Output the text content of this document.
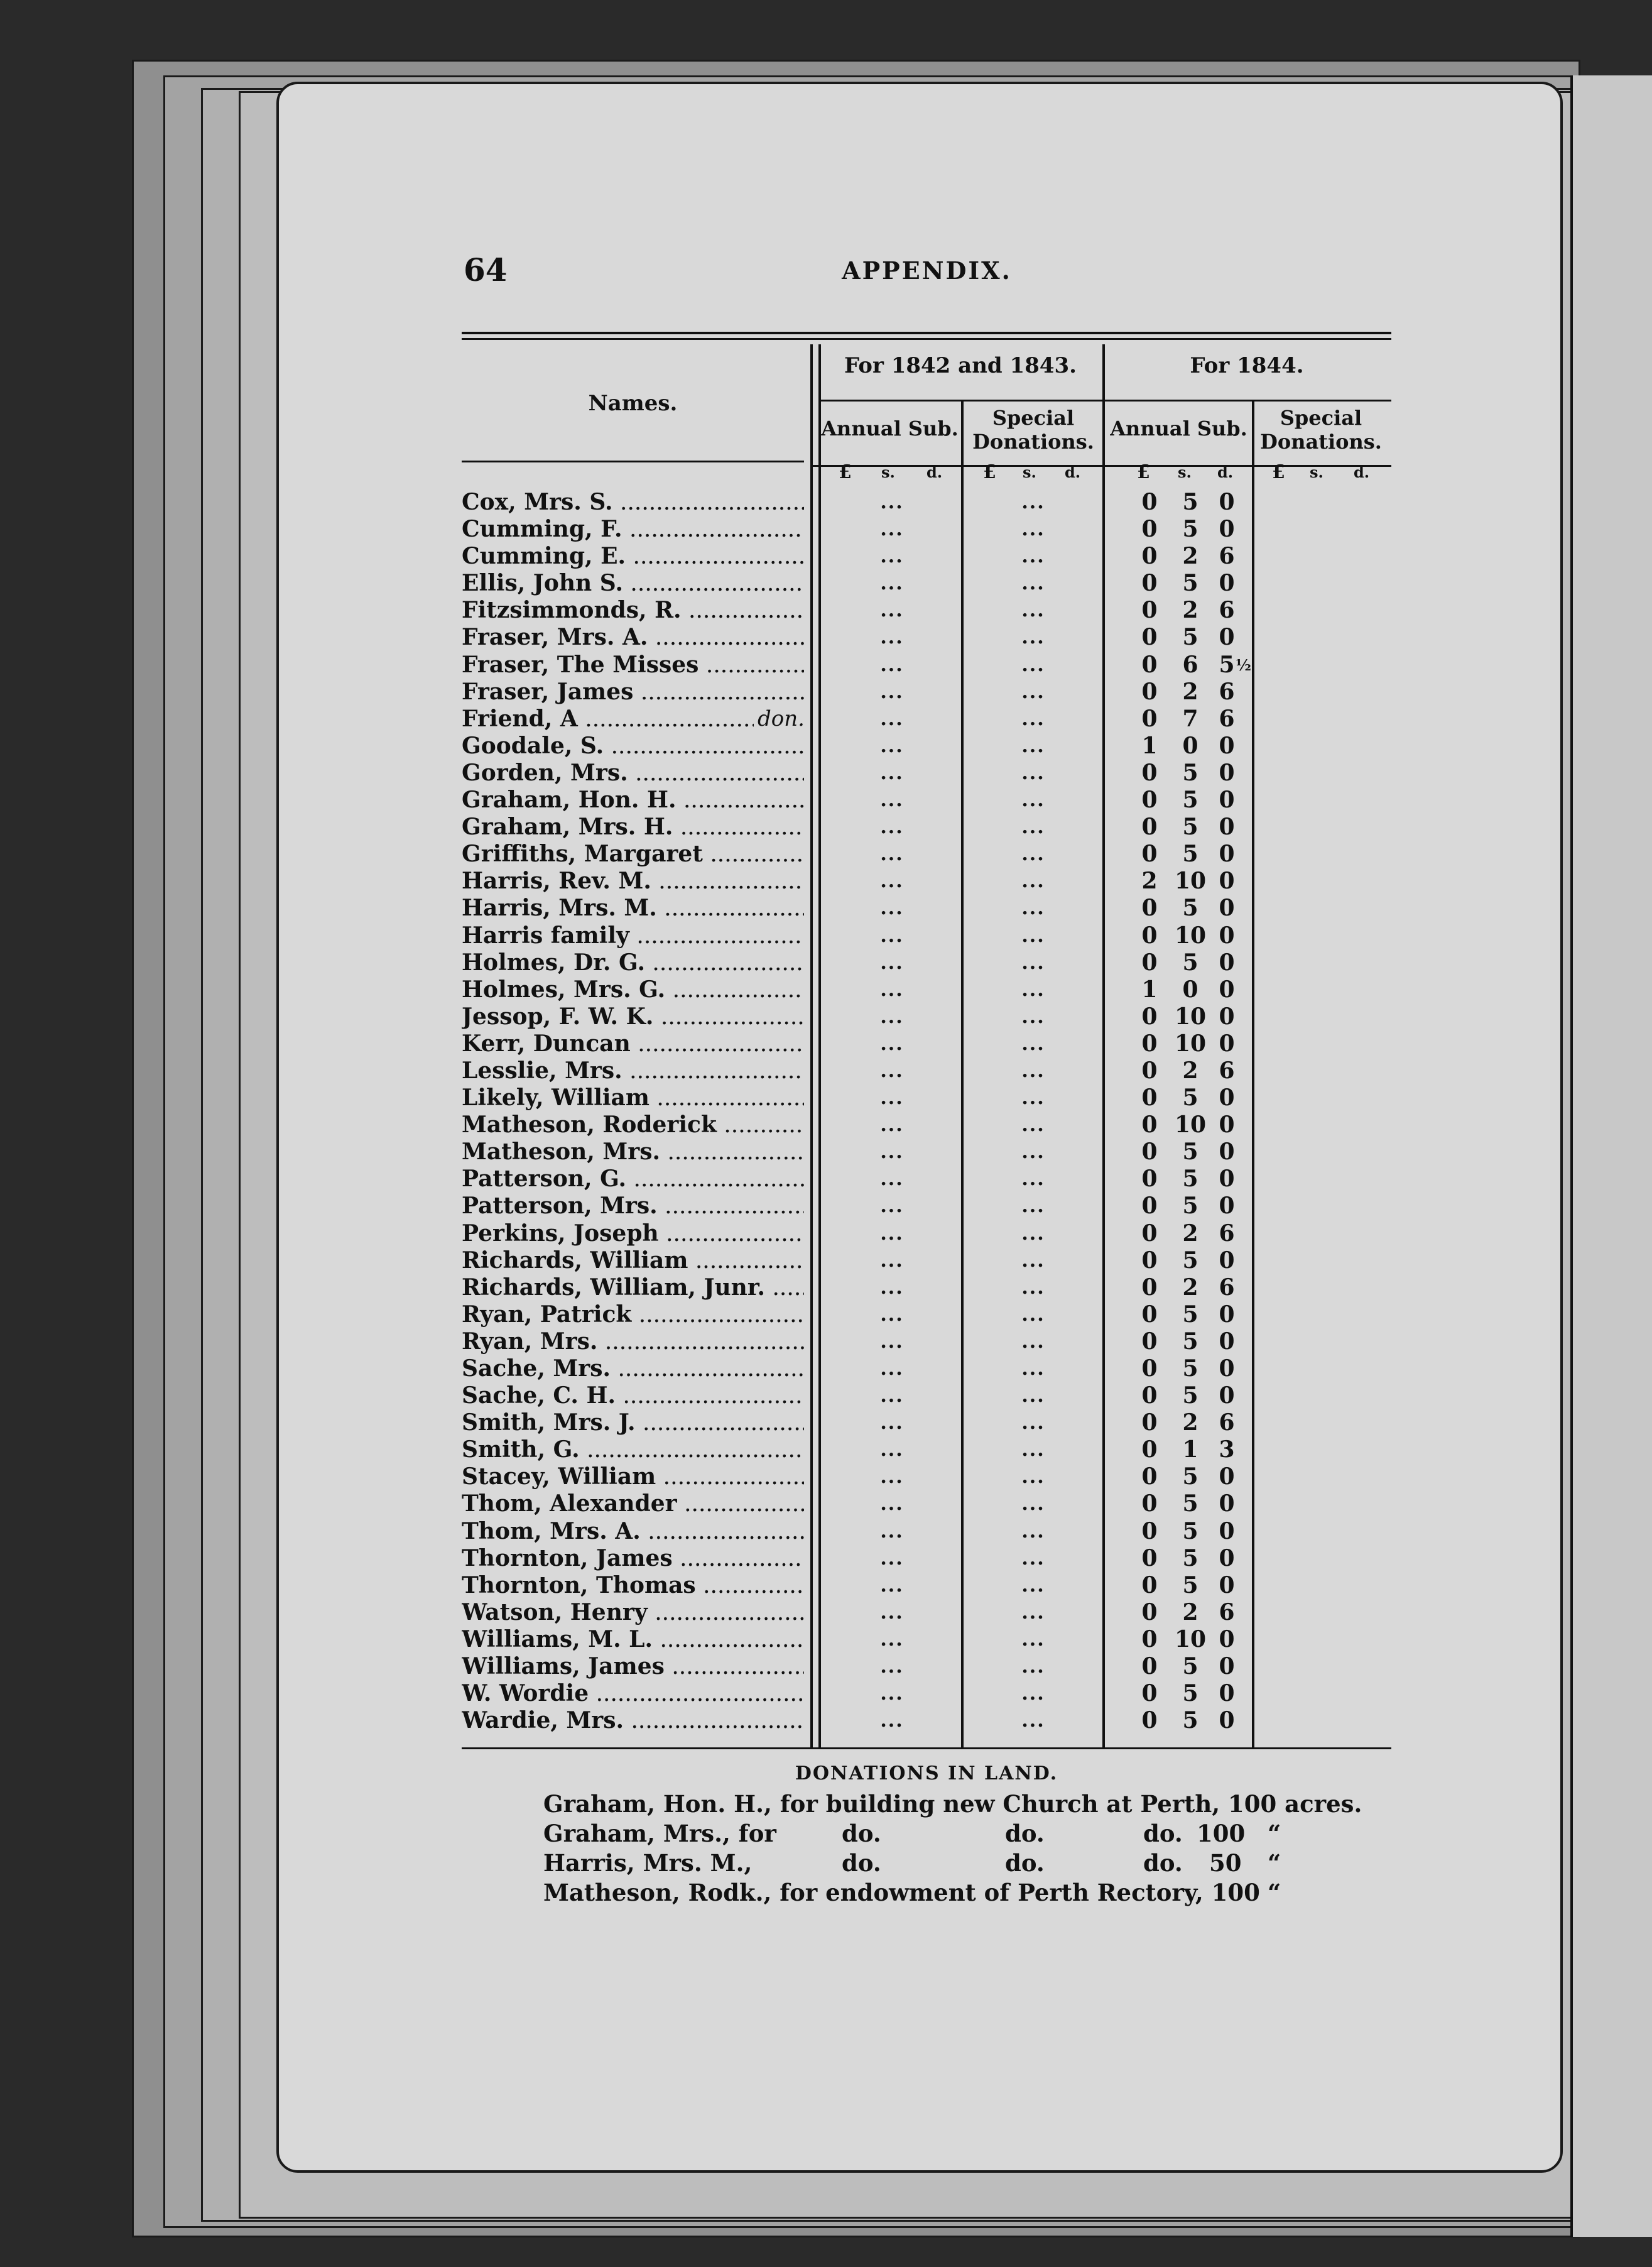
64	APPENDIX.
Names.
For 1842 and 1843.	For 1844.
Annual Sub.	Special Donations.
Annual Sub.	Special Donations.
£ s. d. £ s. d.	£ s. d. £ s. d.
Cox, Mrs. S. .....	...	...	0	5 0
Cumming, F. .....	...	...	0	5 0
Cumming, E. .....	...	...	0	2 6
Ellis, John S. .....	...	...	0	5 0
Fitzsimmonds, R. .....	...	...	0	2 6
Fraser, Mrs. A. .....	...	...	0	5 0
Fraser, The Misses .....	...	...	0	6 5 ½
Fraser, James .....	...	...	0	2 6
Friend, A .....	don.	...	...	0	7 6
Goodale, S. .....	...	...	1	0 0
Gorden, Mrs. .....	...	...	0	5 0
Graham, Hon. H. .....	...	...	0	5 0
Graham, Mrs. H. .....	...	...	0	5 0
Griffiths, Margaret .....	...	...	0	5 0
Harris, Rev. M. .....	...	...	2 10 0
Harris, Mrs. M. .....	...	...	0	5 0
Harris family .....	...	...	0 10 0
Holmes, Dr. G. .....	...	...	0	5 0
Holmes, Mrs. G. .....	...	...	1	0 0
Jessop, F. W. K. .....	...	...	0 10 0
Kerr, Duncan .....	...	...	0 10 0
Lesslie, Mrs. .....	...	...	0	2 6
Likely, William .....	...	...	0	5 0
Matheson, Roderick .....	...	...	0 10 0
Matheson, Mrs. .....	...	...	0	5 0
Patterson, G. .....	...	...	0	5 0
Patterson, Mrs. .....	...	...	0	5 0
Perkins, Joseph .....	...	...	0	2 6
Richards, William .....	...	...	0	5 0
Richards, William, Junr. .....	...	...	0	2 6
Ryan, Patrick .....	...	...	0	5 0
Ryan, Mrs. .....	...	...	0	5 0
Sache, Mrs. .....	...	...	0	5 0
Sache, C. H. .....	...	...	0	5 0
Smith, Mrs. J. .....	...	...	0	2 6
Smith, G. .....	...	...	0	1 3
Stacey, William .....	...	...	0	5 0
Thom, Alexander .....	...	...	0	5 0
Thom, Mrs. A. .....	...	...	0	5 0
Thornton, James .....	...	...	0	5 0
Thornton, Thomas .....	...	...	0	5 0
Watson, Henry .....	...	...	0	2 6
Williams, M. L. .....	...	...	0 10 0
Williams, James .....	...	...	0	5 0
W. Wordie .....	...	...	0	5 0
Wardie, Mrs. .....	...	...	0	5 0
DONATIONS IN LAND.
Graham, Hon. H., for building new Church at Perth, 100 acres.
Graham, Mrs., for	do.	do.	do. 100 “
Harris, Mrs. M.,	do.	do.	do. 50 “
Matheson, Rodk., for endowment of Perth Rectory, 100 “
